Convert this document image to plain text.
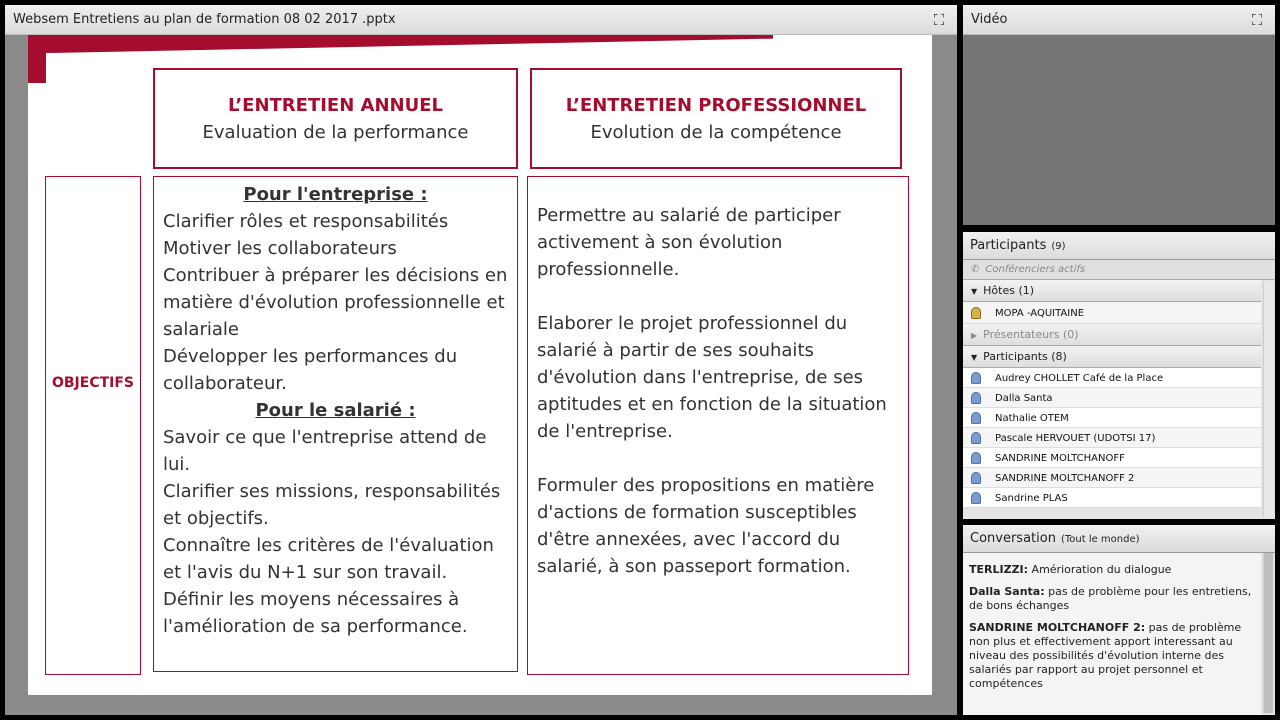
Websem Entretiens au plan de formation 08 02 2017 .pptx	⛶
L’ENTRETIEN ANNUEL
Evaluation de la performance
L’ENTRETIEN PROFESSIONNEL
Evolution de la compétence
OBJECTIFS
Pour l'entreprise :
Clarifier rôles et responsabilités
Motiver les collaborateurs
Contribuer à préparer les décisions en matière d'évolution professionnelle et salariale
Développer les performances du collaborateur.
Pour le salarié :
Savoir ce que l'entreprise attend de lui.
Clarifier ses missions, responsabilités et objectifs.
Connaître les critères de l'évaluation et l'avis du N+1 sur son travail.
Définir les moyens nécessaires à l'amélioration de sa performance.

Permettre au salarié de participer activement à son évolution professionnelle.

Elaborer le projet professionnel du salarié à partir de ses souhaits d'évolution dans l'entreprise, de ses aptitudes et en fonction de la situation de l'entreprise.

Formuler des propositions en matière d'actions de formation susceptibles d'être annexées, avec l'accord du salarié, à son passeport formation.

Vidéo	⛶
Participants (9)
✆ Conférenciers actifs
▼ Hôtes (1)
MOPA -AQUITAINE
▶ Présentateurs (0)
▼ Participants (8)
Audrey CHOLLET Café de la Place
Dalla Santa
Nathalie OTEM
Pascale HERVOUET (UDOTSI 17)
SANDRINE MOLTCHANOFF
SANDRINE MOLTCHANOFF 2
Sandrine PLAS
Conversation (Tout le monde)

TERLIZZI: Amérioration du dialogue

Dalla Santa: pas de problème pour les entretiens, de bons échanges

SANDRINE MOLTCHANOFF 2: pas de problème non plus et effectivement apport interessant au niveau des possibilités d'évolution interne des salariés par rapport au projet personnel et compétences
